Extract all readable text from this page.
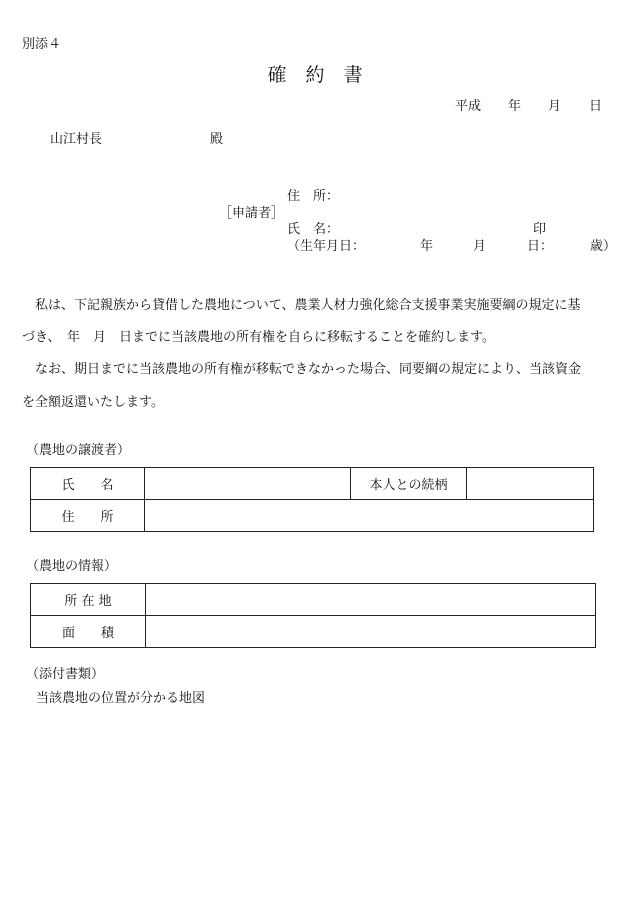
別添４
確　約　書
平成 年 月 日
山江村長	殿
住　所：
［申請者］
氏　名：	印
（生年月日：	年	月	日：	歳）
私は、下記親族から貸借した農地について、農業人材力強化総合支援事業実施要綱の規定に基
づき、　年　月　日までに当該農地の所有権を自らに移転することを確約します。
なお、期日までに当該農地の所有権が移転できなかった場合、同要綱の規定により、当該資金
を全額返還いたします。
（農地の譲渡者）
氏　　名		本人との続柄	
住　　所			
（農地の情報）
所 在 地	
面　　積	
（添付書類）
当該農地の位置が分かる地図
